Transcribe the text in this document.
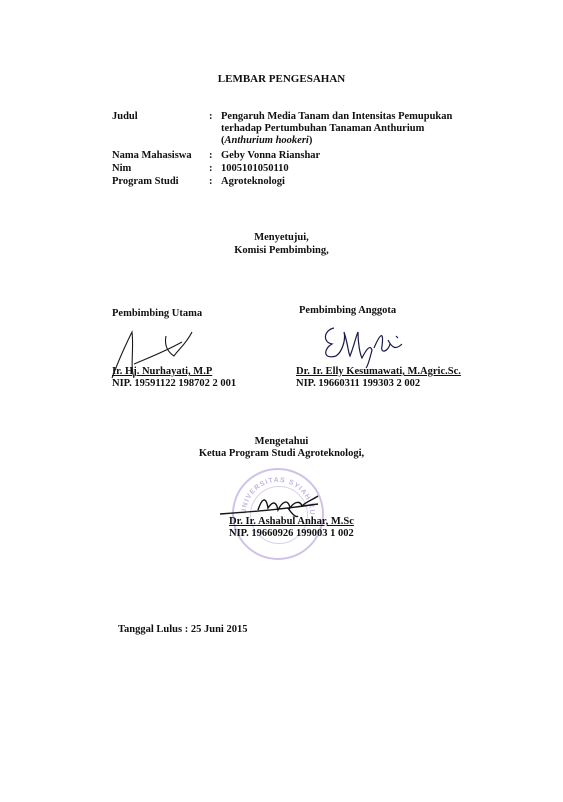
LEMBAR PENGESAHAN
Judul	: Pengaruh Media Tanam dan Intensitas Pemupukan
terhadap Pertumbuhan Tanaman Anthurium
(Anthurium hookeri)
Nama Mahasiswa : Geby Vonna Rianshar
Nim	: 1005101050110
Program Studi	: Agroteknologi
Menyetujui,
Komisi Pembimbing,
Pembimbing Utama
Ir. Hj. Nurhayati, M.P
NIP. 19591122 198702 2 001
Pembimbing Anggota
Dr. Ir. Elly Kesumawati, M.Agric.Sc.
NIP. 19660311 199303 2 002
Mengetahui
Ketua Program Studi Agroteknologi,
UNIVERSITAS SYIAH KUALA
Dr. Ir. Ashabul Anhar, M.Sc
NIP. 19660926 199003 1 002
Tanggal Lulus : 25 Juni 2015
